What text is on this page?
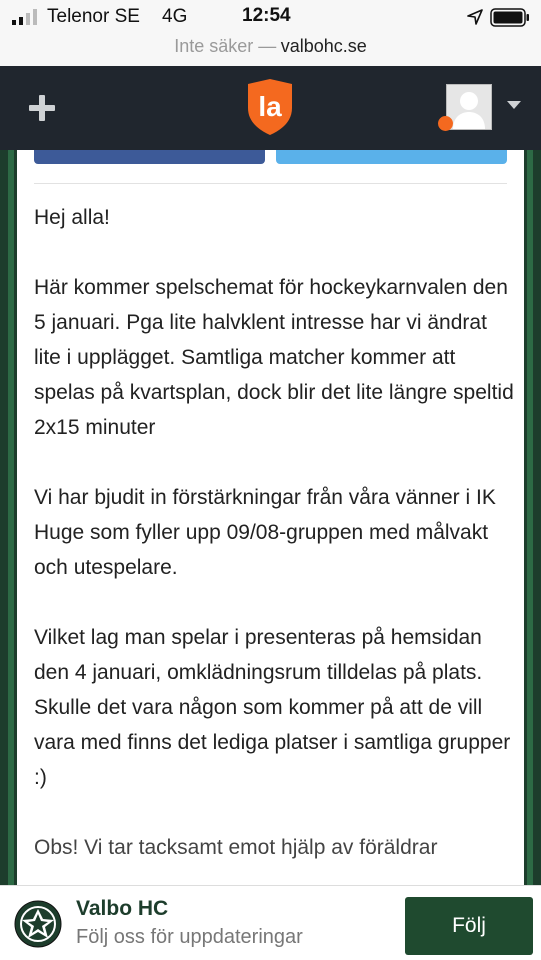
Telenor SE 4G	12:54
Inte säker — valbohc.se
la

Hej alla!

Här kommer spelschemat för hockeykarnvalen den 5 januari. Pga lite halvklent intresse har vi ändrat lite i upplägget. Samtliga matcher kommer att spelas på kvartsplan, dock blir det lite längre speltid 2x15 minuter

Vi har bjudit in förstärkningar från våra vänner i IK Huge som fyller upp 09/08-gruppen med målvakt och utespelare.

Vilket lag man spelar i presenteras på hemsidan den 4 januari, omklädningsrum tilldelas på plats. Skulle det vara någon som kommer på att de vill vara med finns det lediga platser i samtliga grupper :)

Obs! Vi tar tacksamt emot hjälp av föräldrar

Valbo HC
Följ oss för uppdateringar	Följ
